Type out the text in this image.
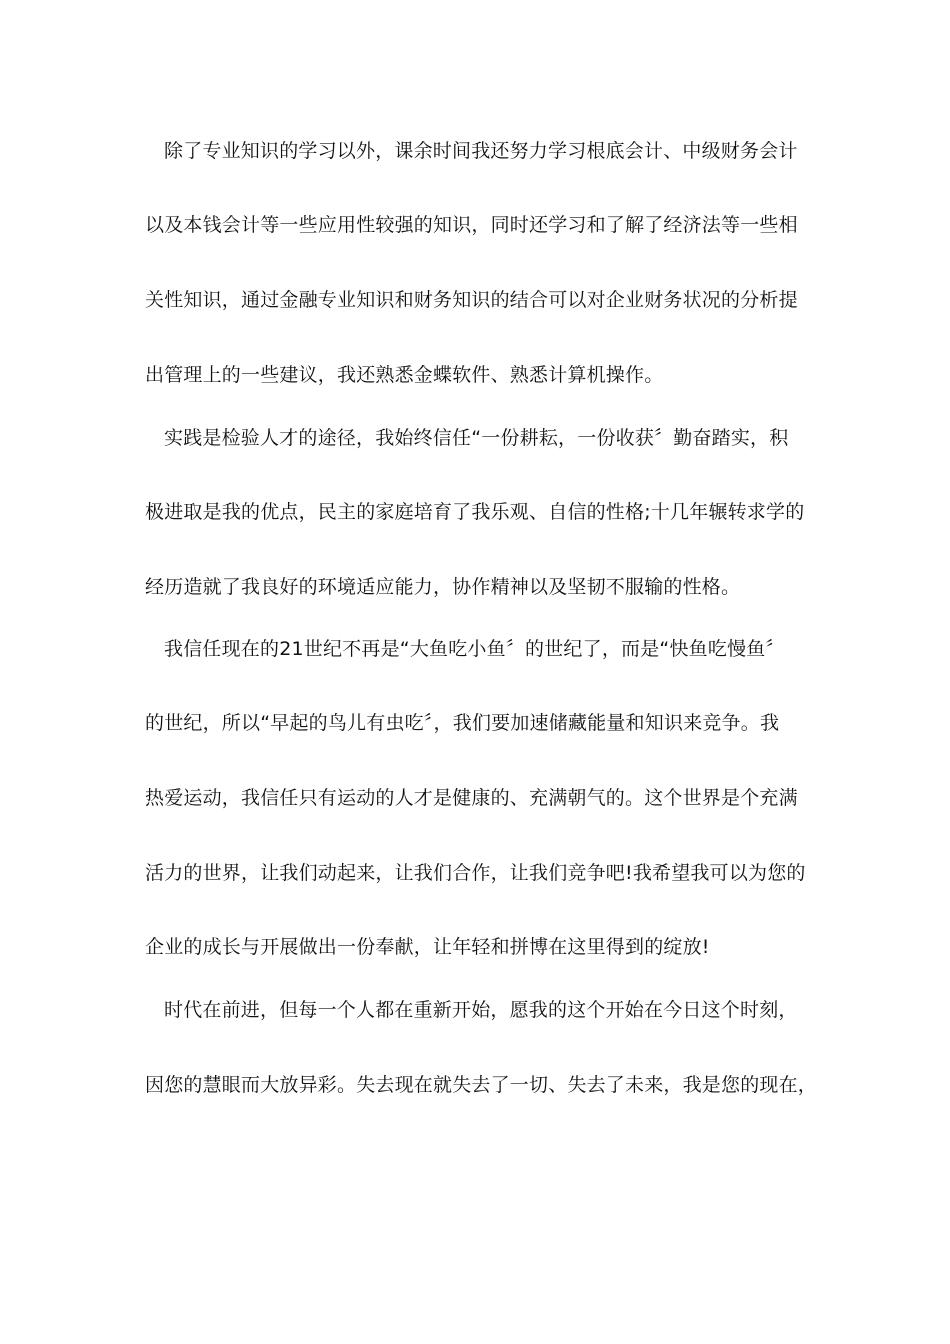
除了专业知识的学习以外，课余时间我还努力学习根底会计、中级财务会计
以及本钱会计等一些应用性较强的知识，同时还学习和了解了经济法等一些相
关性知识，通过金融专业知识和财务知识的结合可以对企业财务状况的分析提
出管理上的一些建议，我还熟悉金蝶软件、熟悉计算机操作。
实践是检验人才的途径，我始终信任“一份耕耘，一份收获〞勤奋踏实，积
极进取是我的优点，民主的家庭培育了我乐观、自信的性格;十几年辗转求学的
经历造就了我良好的环境适应能力，协作精神以及坚韧不服输的性格。
我信任现在的21世纪不再是“大鱼吃小鱼〞的世纪了，而是“快鱼吃慢鱼〞
的世纪，所以“早起的鸟儿有虫吃〞，我们要加速储藏能量和知识来竞争。我
热爱运动，我信任只有运动的人才是健康的、充满朝气的。这个世界是个充满
活力的世界，让我们动起来，让我们合作，让我们竞争吧!我希望我可以为您的
企业的成长与开展做出一份奉献，让年轻和拼博在这里得到的绽放!
时代在前进，但每一个人都在重新开始，愿我的这个开始在今日这个时刻，
因您的慧眼而大放异彩。失去现在就失去了一切、失去了未来，我是您的现在，
